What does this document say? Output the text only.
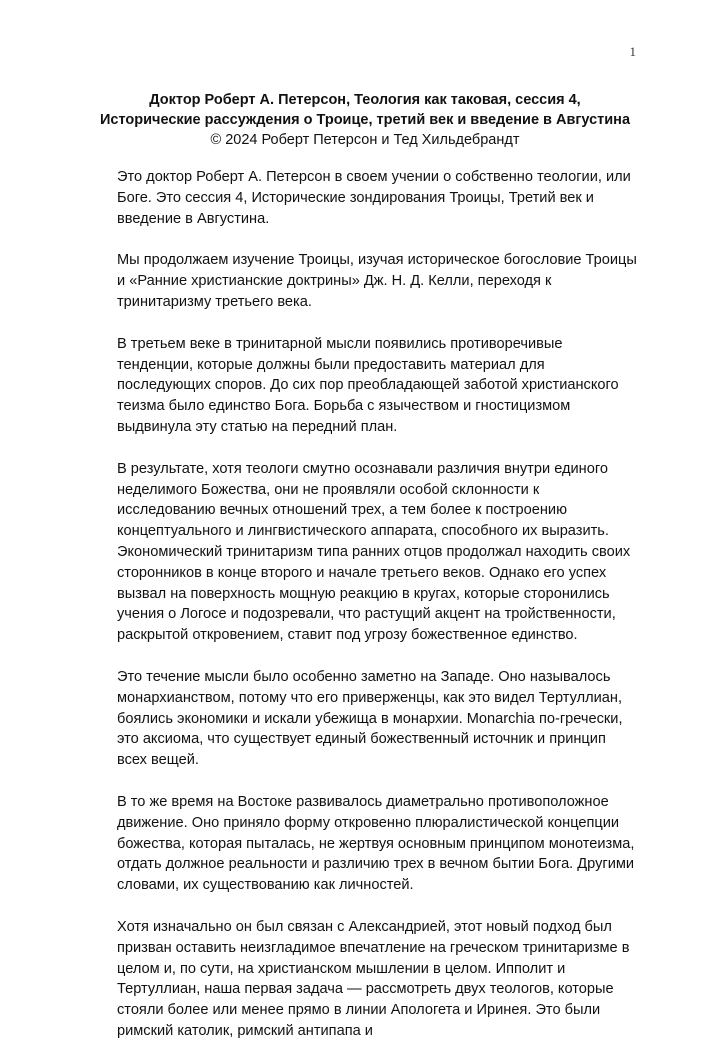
1
Доктор Роберт А. Петерсон, Теология как таковая, сессия 4,
Исторические рассуждения о Троице, третий век и введение в Августина
© 2024 Роберт Петерсон и Тед Хильдебрандт

Это доктор Роберт А. Петерсон в своем учении о собственно теологии, или Боге. Это сессия 4, Исторические зондирования Троицы, Третий век и введение в Августина.

Мы продолжаем изучение Троицы, изучая историческое богословие Троицы и «Ранние христианские доктрины» Дж. Н. Д. Келли, переходя к тринитаризму третьего века.

В третьем веке в тринитарной мысли появились противоречивые тенденции, которые должны были предоставить материал для последующих споров. До сих пор преобладающей заботой христианского теизма было единство Бога. Борьба с язычеством и гностицизмом выдвинула эту статью на передний план.

В результате, хотя теологи смутно осознавали различия внутри единого неделимого Божества, они не проявляли особой склонности к исследованию вечных отношений трех, а тем более к построению концептуального и лингвистического аппарата, способного их выразить. Экономический тринитаризм типа ранних отцов продолжал находить своих сторонников в конце второго и начале третьего веков. Однако его успех вызвал на поверхность мощную реакцию в кругах, которые сторонились учения о Логосе и подозревали, что растущий акцент на тройственности, раскрытой откровением, ставит под угрозу божественное единство.

Это течение мысли было особенно заметно на Западе. Оно называлось монархианством, потому что его приверженцы, как это видел Тертуллиан, боялись экономики и искали убежища в монархии. Monarchia по-гречески, это аксиома, что существует единый божественный источник и принцип всех вещей.

В то же время на Востоке развивалось диаметрально противоположное движение. Оно приняло форму откровенно плюралистической концепции божества, которая пыталась, не жертвуя основным принципом монотеизма, отдать должное реальности и различию трех в вечном бытии Бога. Другими словами, их существованию как личностей.

Хотя изначально он был связан с Александрией, этот новый подход был призван оставить неизгладимое впечатление на греческом тринитаризме в целом и, по сути, на христианском мышлении в целом. Ипполит и Тертуллиан, наша первая задача — рассмотреть двух теологов, которые стояли более или менее прямо в линии Апологета и Иринея. Это были римский католик, римский антипапа и
